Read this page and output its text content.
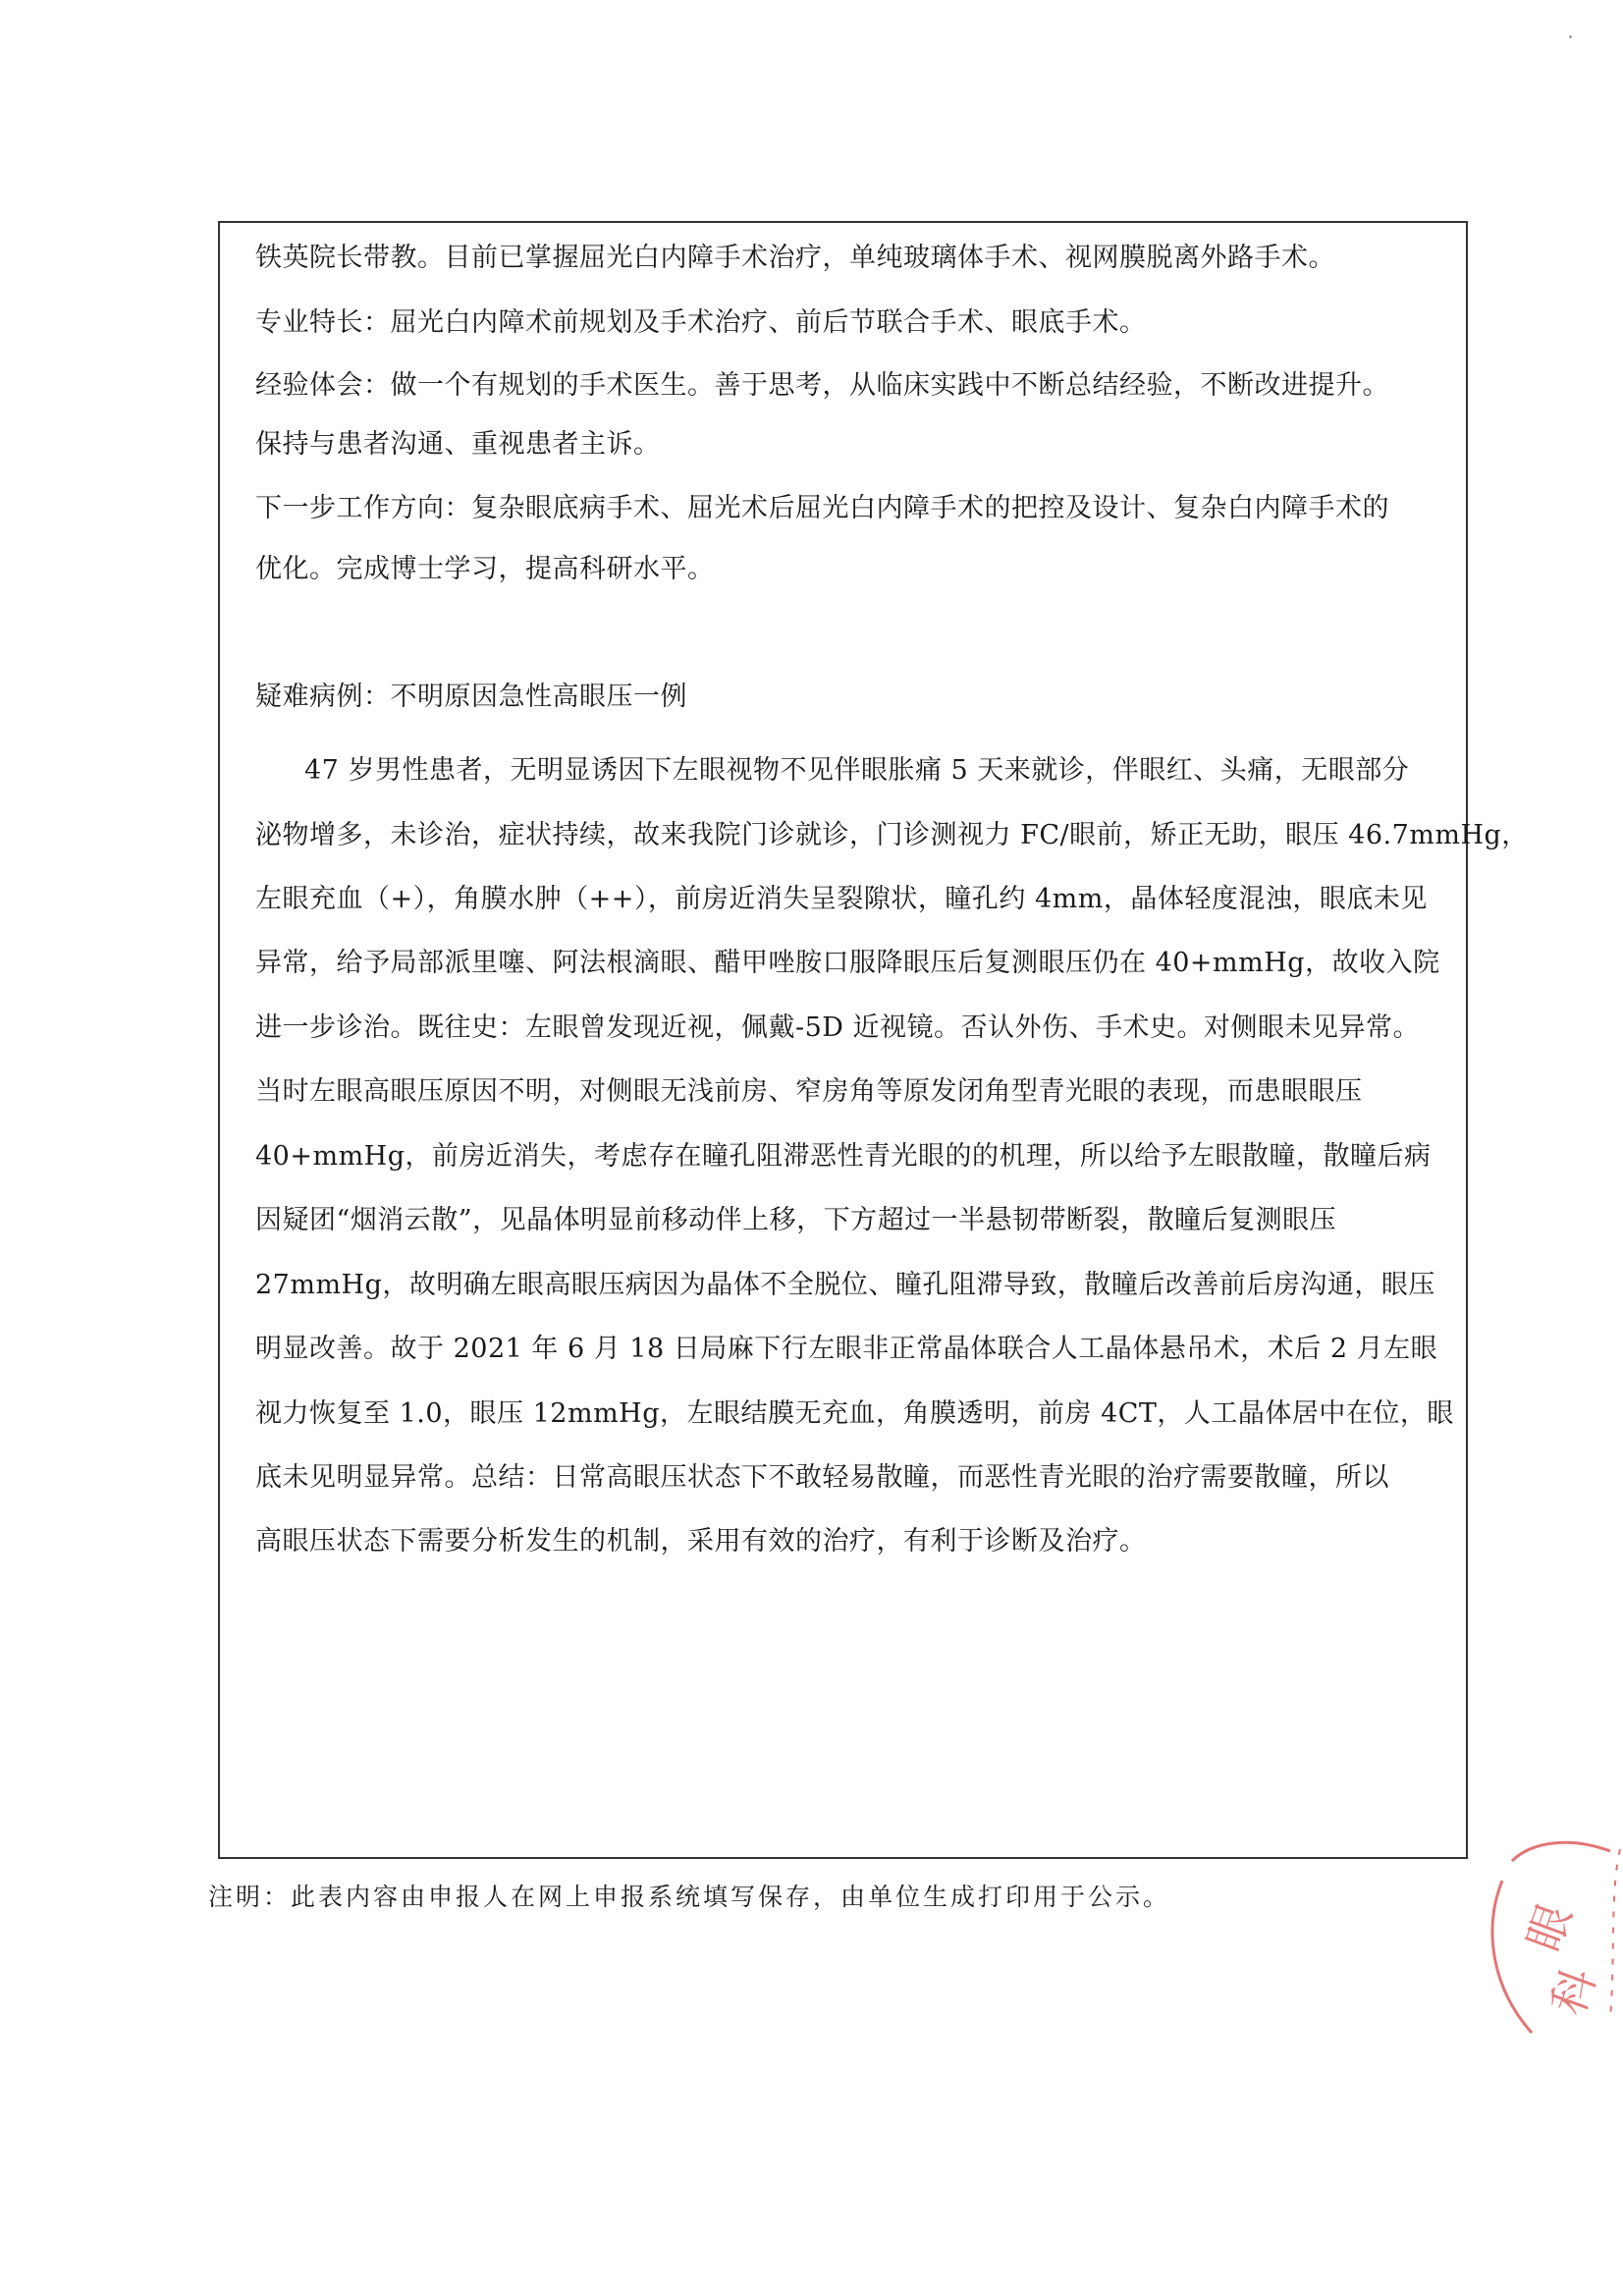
铁英院长带教。目前已掌握屈光白内障手术治疗，单纯玻璃体手术、视网膜脱离外路手术。
专业特长：屈光白内障术前规划及手术治疗、前后节联合手术、眼底手术。
经验体会：做一个有规划的手术医生。善于思考，从临床实践中不断总结经验，不断改进提升。
保持与患者沟通、重视患者主诉。
下一步工作方向：复杂眼底病手术、屈光术后屈光白内障手术的把控及设计、复杂白内障手术的
优化。完成博士学习，提高科研水平。
疑难病例：不明原因急性高眼压一例
47 岁男性患者，无明显诱因下左眼视物不见伴眼胀痛 5 天来就诊，伴眼红、头痛，无眼部分
泌物增多，未诊治，症状持续，故来我院门诊就诊，门诊测视力 FC/眼前，矫正无助，眼压 46.7mmHg，
左眼充血（+），角膜水肿（++），前房近消失呈裂隙状，瞳孔约 4mm，晶体轻度混浊，眼底未见
异常，给予局部派里噻、阿法根滴眼、醋甲唑胺口服降眼压后复测眼压仍在 40+mmHg，故收入院
进一步诊治。既往史：左眼曾发现近视，佩戴-5D 近视镜。否认外伤、手术史。对侧眼未见异常。
当时左眼高眼压原因不明，对侧眼无浅前房、窄房角等原发闭角型青光眼的表现，而患眼眼压
40+mmHg，前房近消失，考虑存在瞳孔阻滞恶性青光眼的的机理，所以给予左眼散瞳，散瞳后病
因疑团“烟消云散”，见晶体明显前移动伴上移，下方超过一半悬韧带断裂，散瞳后复测眼压
27mmHg，故明确左眼高眼压病因为晶体不全脱位、瞳孔阻滞导致，散瞳后改善前后房沟通，眼压
明显改善。故于 2021 年 6 月 18 日局麻下行左眼非正常晶体联合人工晶体悬吊术，术后 2 月左眼
视力恢复至 1.0，眼压 12mmHg，左眼结膜无充血，角膜透明，前房 4CT，人工晶体居中在位，眼
底未见明显异常。总结：日常高眼压状态下不敢轻易散瞳，而恶性青光眼的治疗需要散瞳，所以
高眼压状态下需要分析发生的机制，采用有效的治疗，有利于诊断及治疗。
注明：此表内容由申报人在网上申报系统填写保存，由单位生成打印用于公示。
眼
科
